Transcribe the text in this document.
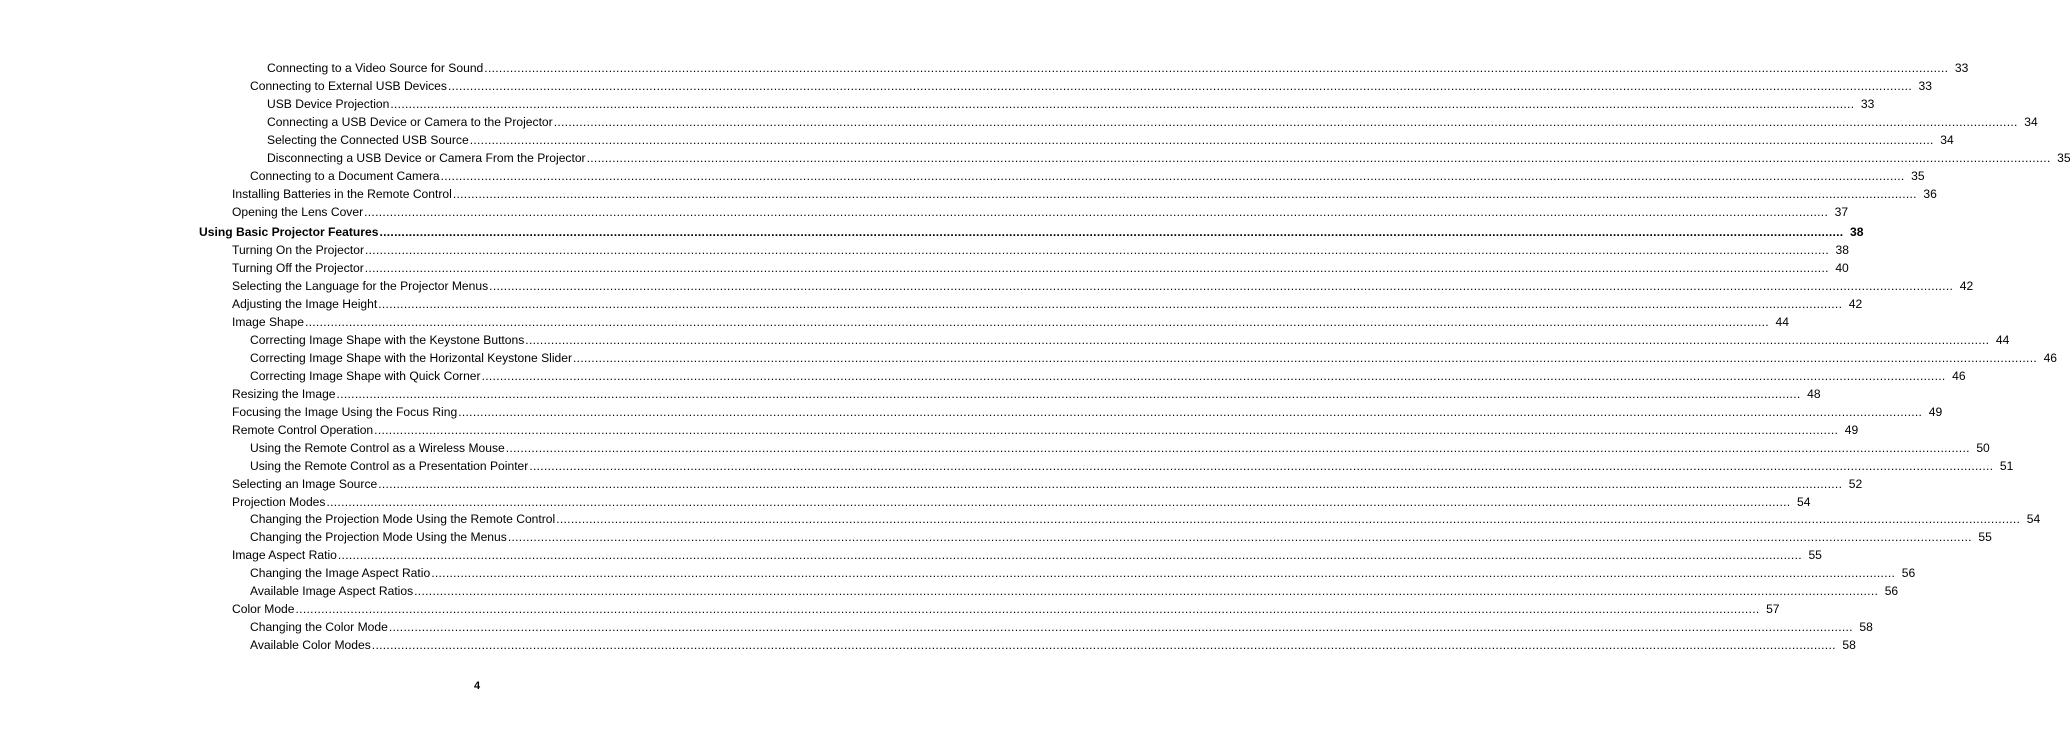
Connecting to a Video Source for Sound ................................................................................................................................................................................................................................................................................................................................................................................................................ 33
Connecting to External USB Devices ................................................................................................................................................................................................................................................................................................................................................................................................................ 33
USB Device Projection ................................................................................................................................................................................................................................................................................................................................................................................................................ 33
Connecting a USB Device or Camera to the Projector ................................................................................................................................................................................................................................................................................................................................................................................................................ 34
Selecting the Connected USB Source ................................................................................................................................................................................................................................................................................................................................................................................................................ 34
Disconnecting a USB Device or Camera From the Projector ................................................................................................................................................................................................................................................................................................................................................................................................................ 35
Connecting to a Document Camera ................................................................................................................................................................................................................................................................................................................................................................................................................ 35
Installing Batteries in the Remote Control ................................................................................................................................................................................................................................................................................................................................................................................................................ 36
Opening the Lens Cover ................................................................................................................................................................................................................................................................................................................................................................................................................ 37
Using Basic Projector Features ................................................................................................................................................................................................................................................................................................................................................................................................................ 38
Turning On the Projector ................................................................................................................................................................................................................................................................................................................................................................................................................ 38
Turning Off the Projector ................................................................................................................................................................................................................................................................................................................................................................................................................ 40
Selecting the Language for the Projector Menus ................................................................................................................................................................................................................................................................................................................................................................................................................ 42
Adjusting the Image Height ................................................................................................................................................................................................................................................................................................................................................................................................................ 42
Image Shape ................................................................................................................................................................................................................................................................................................................................................................................................................ 44
Correcting Image Shape with the Keystone Buttons ................................................................................................................................................................................................................................................................................................................................................................................................................ 44
Correcting Image Shape with the Horizontal Keystone Slider ................................................................................................................................................................................................................................................................................................................................................................................................................ 46
Correcting Image Shape with Quick Corner ................................................................................................................................................................................................................................................................................................................................................................................................................ 46
Resizing the Image ................................................................................................................................................................................................................................................................................................................................................................................................................ 48
Focusing the Image Using the Focus Ring ................................................................................................................................................................................................................................................................................................................................................................................................................ 49
Remote Control Operation ................................................................................................................................................................................................................................................................................................................................................................................................................ 49
Using the Remote Control as a Wireless Mouse ................................................................................................................................................................................................................................................................................................................................................................................................................ 50
Using the Remote Control as a Presentation Pointer ................................................................................................................................................................................................................................................................................................................................................................................................................ 51
Selecting an Image Source ................................................................................................................................................................................................................................................................................................................................................................................................................ 52
Projection Modes ................................................................................................................................................................................................................................................................................................................................................................................................................ 54
Changing the Projection Mode Using the Remote Control ................................................................................................................................................................................................................................................................................................................................................................................................................ 54
Changing the Projection Mode Using the Menus ................................................................................................................................................................................................................................................................................................................................................................................................................ 55
Image Aspect Ratio ................................................................................................................................................................................................................................................................................................................................................................................................................ 55
Changing the Image Aspect Ratio ................................................................................................................................................................................................................................................................................................................................................................................................................ 56
Available Image Aspect Ratios ................................................................................................................................................................................................................................................................................................................................................................................................................ 56
Color Mode ................................................................................................................................................................................................................................................................................................................................................................................................................ 57
Changing the Color Mode ................................................................................................................................................................................................................................................................................................................................................................................................................ 58
Available Color Modes ................................................................................................................................................................................................................................................................................................................................................................................................................ 58
4
